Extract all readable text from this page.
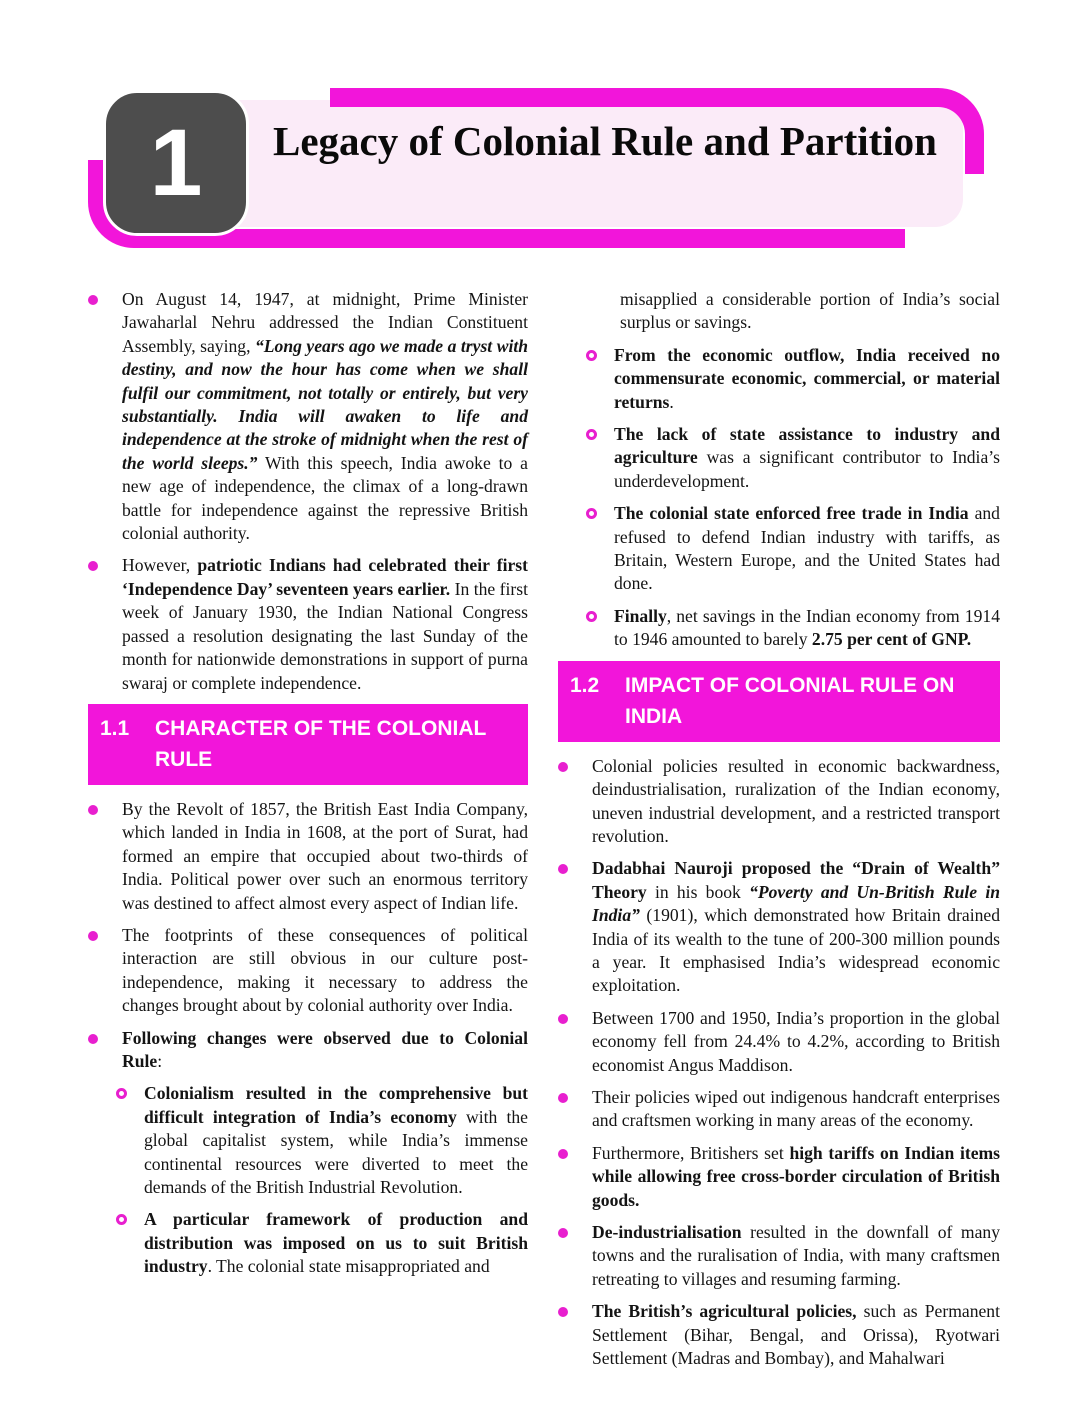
1	Legacy of Colonial Rule and Partition
On August 14, 1947, at midnight, Prime Minister Jawaharlal Nehru addressed the Indian Constituent Assembly, saying, “Long years ago we made a tryst with destiny, and now the hour has come when we shall fulfil our commitment, not totally or entirely, but very substantially. India will awaken to life and independence at the stroke of midnight when the rest of the world sleeps.” With this speech, India awoke to a new age of independence, the climax of a long-drawn battle for independence against the repressive British colonial authority.
However, patriotic Indians had celebrated their first ‘Independence Day’ seventeen years earlier. In the first week of January 1930, the Indian National Congress passed a resolution designating the last Sunday of the month for nationwide demonstrations in support of purna swaraj or complete independence.
1.1	CHARACTER OF THE COLONIAL RULE
By the Revolt of 1857, the British East India Company, which landed in India in 1608, at the port of Surat, had formed an empire that occupied about two-thirds of India. Political power over such an enormous territory was destined to affect almost every aspect of Indian life.
The footprints of these consequences of political interaction are still obvious in our culture post-independence, making it necessary to address the changes brought about by colonial authority over India.
Following changes were observed due to Colonial Rule:
Colonialism resulted in the comprehensive but difficult integration of India’s economy with the global capitalist system, while India’s immense continental resources were diverted to meet the demands of the British Industrial Revolution.
A particular framework of production and distribution was imposed on us to suit British industry. The colonial state misappropriated and
misapplied a considerable portion of India’s social surplus or savings.
From the economic outflow, India received no commensurate economic, commercial, or material returns.
The lack of state assistance to industry and agriculture was a significant contributor to India’s underdevelopment.
The colonial state enforced free trade in India and refused to defend Indian industry with tariffs, as Britain, Western Europe, and the United States had done.
Finally, net savings in the Indian economy from 1914 to 1946 amounted to barely 2.75 per cent of GNP.
1.2	IMPACT OF COLONIAL RULE ON INDIA
Colonial policies resulted in economic backwardness, deindustrialisation, ruralization of the Indian economy, uneven industrial development, and a restricted transport revolution.
Dadabhai Nauroji proposed the “Drain of Wealth” Theory in his book “Poverty and Un-British Rule in India” (1901), which demonstrated how Britain drained India of its wealth to the tune of 200-300 million pounds a year. It emphasised India’s widespread economic exploitation.
Between 1700 and 1950, India’s proportion in the global economy fell from 24.4% to 4.2%, according to British economist Angus Maddison.
Their policies wiped out indigenous handcraft enterprises and craftsmen working in many areas of the economy.
Furthermore, Britishers set high tariffs on Indian items while allowing free cross-border circulation of British goods.
De-industrialisation resulted in the downfall of many towns and the ruralisation of India, with many craftsmen retreating to villages and resuming farming.
The British’s agricultural policies, such as Permanent Settlement (Bihar, Bengal, and Orissa), Ryotwari Settlement (Madras and Bombay), and Mahalwari
